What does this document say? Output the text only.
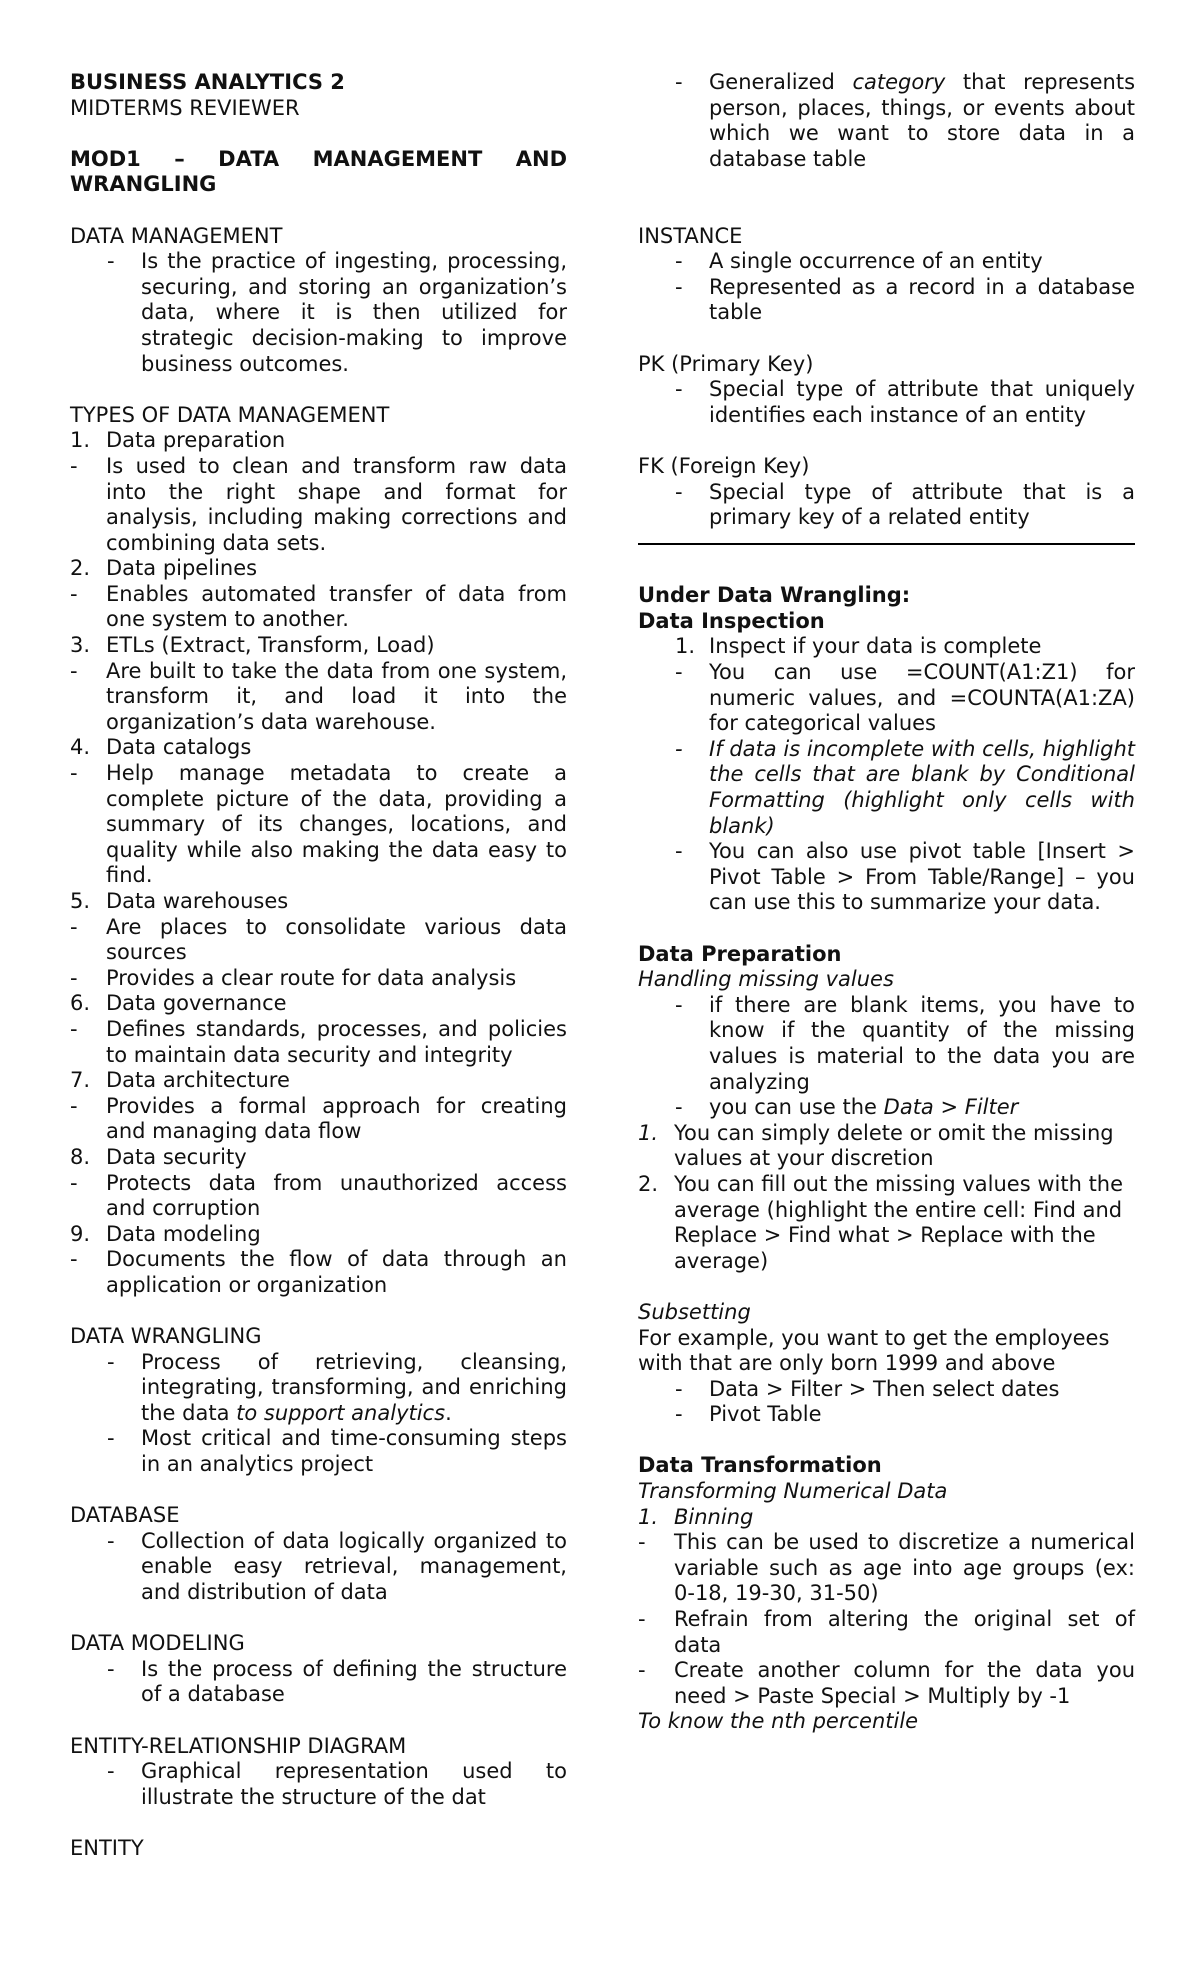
BUSINESS ANALYTICS 2

MIDTERMS REVIEWER

MOD1 – DATA MANAGEMENT AND WRANGLING

DATA MANAGEMENT

- Is the practice of ingesting, processing, securing, and storing an organization’s data, where it is then utilized for strategic decision-making to improve business outcomes.

TYPES OF DATA MANAGEMENT

1. Data preparation

- Is used to clean and transform raw data into the right shape and format for analysis, including making corrections and combining data sets.

2. Data pipelines

- Enables automated transfer of data from one system to another.

3. ETLs (Extract, Transform, Load)

- Are built to take the data from one system, transform it, and load it into the organization’s data warehouse.

4. Data catalogs

- Help manage metadata to create a complete picture of the data, providing a summary of its changes, locations, and quality while also making the data easy to find.

5. Data warehouses

- Are places to consolidate various data sources

- Provides a clear route for data analysis

6. Data governance

- Defines standards, processes, and policies to maintain data security and integrity

7. Data architecture

- Provides a formal approach for creating and managing data flow

8. Data security

- Protects data from unauthorized access and corruption

9. Data modeling

- Documents the flow of data through an application or organization

DATA WRANGLING

- Process of retrieving, cleansing, integrating, transforming, and enriching the data to support analytics.

- Most critical and time-consuming steps in an analytics project

DATABASE

- Collection of data logically organized to enable easy retrieval, management, and distribution of data

DATA MODELING

- Is the process of defining the structure of a database

ENTITY-RELATIONSHIP DIAGRAM

- Graphical representation used to illustrate the structure of the dat

ENTITY

- Generalized category that represents person, places, things, or events about which we want to store data in a database table

INSTANCE

- A single occurrence of an entity

- Represented as a record in a database table

PK (Primary Key)

- Special type of attribute that uniquely identifies each instance of an entity

FK (Foreign Key)

- Special type of attribute that is a primary key of a related entity

Under Data Wrangling:

Data Inspection

1. Inspect if your data is complete

- You can use =COUNT(A1:Z1) for numeric values, and =COUNTA(A1:ZA) for categorical values

- If data is incomplete with cells, highlight the cells that are blank by Conditional Formatting (highlight only cells with blank)

- You can also use pivot table [Insert > Pivot Table > From Table/Range] – you can use this to summarize your data.

Data Preparation

Handling missing values

- if there are blank items, you have to know if the quantity of the missing values is material to the data you are analyzing

- you can use the Data > Filter

1. You can simply delete or omit the missing values at your discretion

2. You can fill out the missing values with the average (highlight the entire cell: Find and Replace > Find what > Replace with the average)

Subsetting

For example, you want to get the employees with that are only born 1999 and above

- Data > Filter > Then select dates

- Pivot Table

Data Transformation

Transforming Numerical Data

1. Binning

- This can be used to discretize a numerical variable such as age into age groups (ex: 0-18, 19-30, 31-50)

- Refrain from altering the original set of data

- Create another column for the data you need > Paste Special > Multiply by -1

To know the nth percentile
